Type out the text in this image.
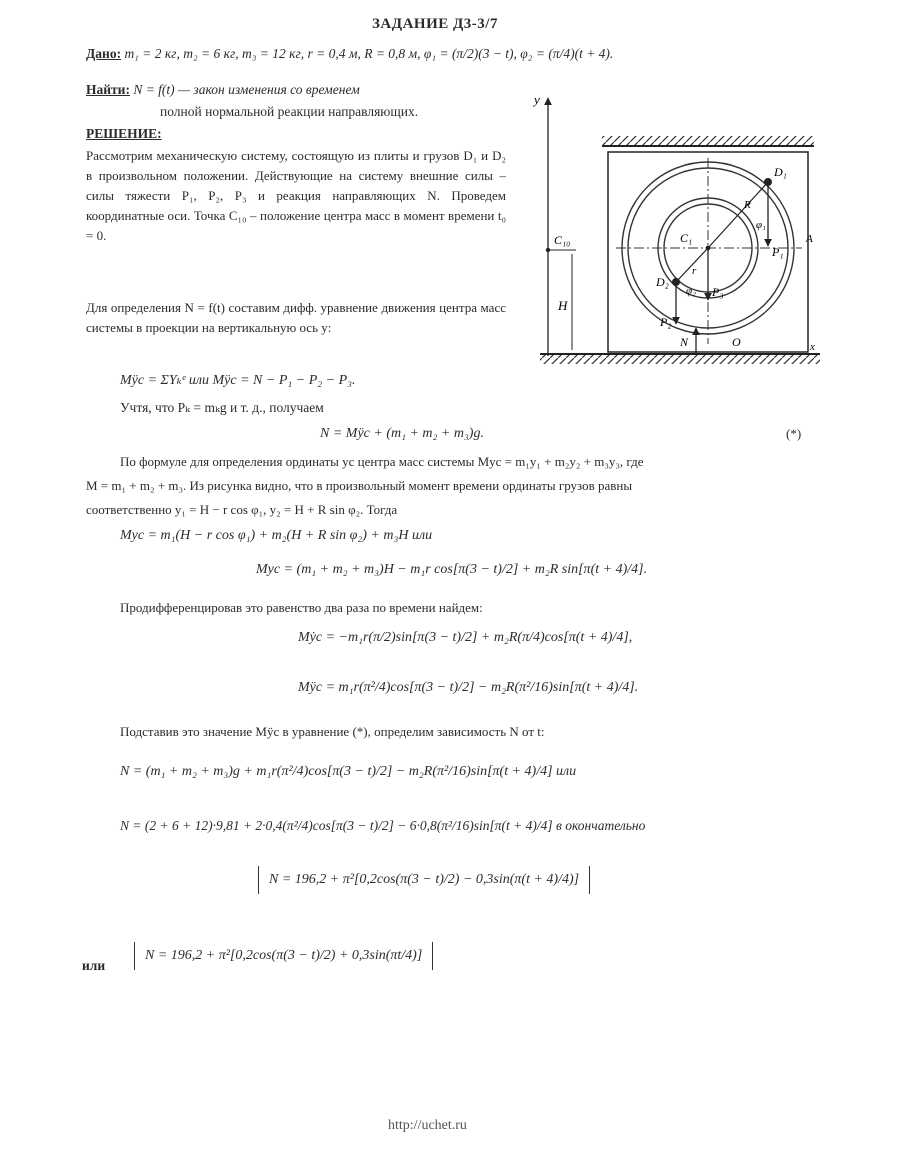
ЗАДАНИЕ Д3-3/7
Дано: m₁ = 2 кг, m₂ = 6 кг, m₃ = 12 кг, r = 0,4 м, R = 0,8 м, φ₁ = (π/2)(3 − t), φ₂ = (π/4)(t + 4).
Найти: N = f(t) — закон изменения со временем
полной нормальной реакции направляющих.
РЕШЕНИЕ:
Рассмотрим механическую систему, состоящую из плиты и грузов D₁ и D₂ в произвольном положении. Действующие на систему внешние силы – силы тяжести P₁, P₂, P₃ и реакция направляющих N. Проведем координатные оси. Точка C₁₀ – положение центра масс в момент времени t₀ = 0.
Для определения N = f(t) составим дифф. уравнение движения центра масс системы в проекции на вертикальную ось y:
Mÿc = ΣYₖᵉ или Mÿc = N − P₁ − P₂ − P₃.
Учтя, что Pₖ = mₖg и т. д., получаем
N = Mÿc + (m₁ + m₂ + m₃)g.	(*)
По формуле для определения ординаты yc центра масс системы Myc = m₁y₁ + m₂y₂ + m₃y₃, где
M = m₁ + m₂ + m₃. Из рисунка видно, что в произвольный момент времени ординаты грузов равны
соответственно y₁ = H − r cos φ₁, y₂ = H + R sin φ₂. Тогда
Myc = m₁(H − r cos φ₁) + m₂(H + R sin φ₂) + m₃H или
Myc = (m₁ + m₂ + m₃)H − m₁r cos[π(3 − t)/2] + m₂R sin[π(t + 4)/4].
Продифференцировав это равенство два раза по времени найдем:
Mẏc = −m₁r(π/2)sin[π(3 − t)/2] + m₂R(π/4)cos[π(t + 4)/4],
Mÿc = m₁r(π²/4)cos[π(3 − t)/2] − m₂R(π²/16)sin[π(t + 4)/4].
Подставив это значение Mÿc в уравнение (*), определим зависимость N от t:
N = (m₁ + m₂ + m₃)g + m₁r(π²/4)cos[π(3 − t)/2] − m₂R(π²/16)sin[π(t + 4)/4] или
N = (2 + 6 + 12)·9,81 + 2·0,4(π²/4)cos[π(3 − t)/2] − 6·0,8(π²/16)sin[π(t + 4)/4] в окончательно
N = 196,2 + π²[0,2cos(π(3 − t)/2) − 0,3sin(π(t + 4)/4)]
или
N = 196,2 + π²[0,2cos(π(3 − t)/2) + 0,3sin(πt/4)]
http://uchet.ru
y
C₁₀
H
C₁
D₂
r
φ₂
P₂
D₁
R
φ₁
P₁
P₃
N
A
O	x
